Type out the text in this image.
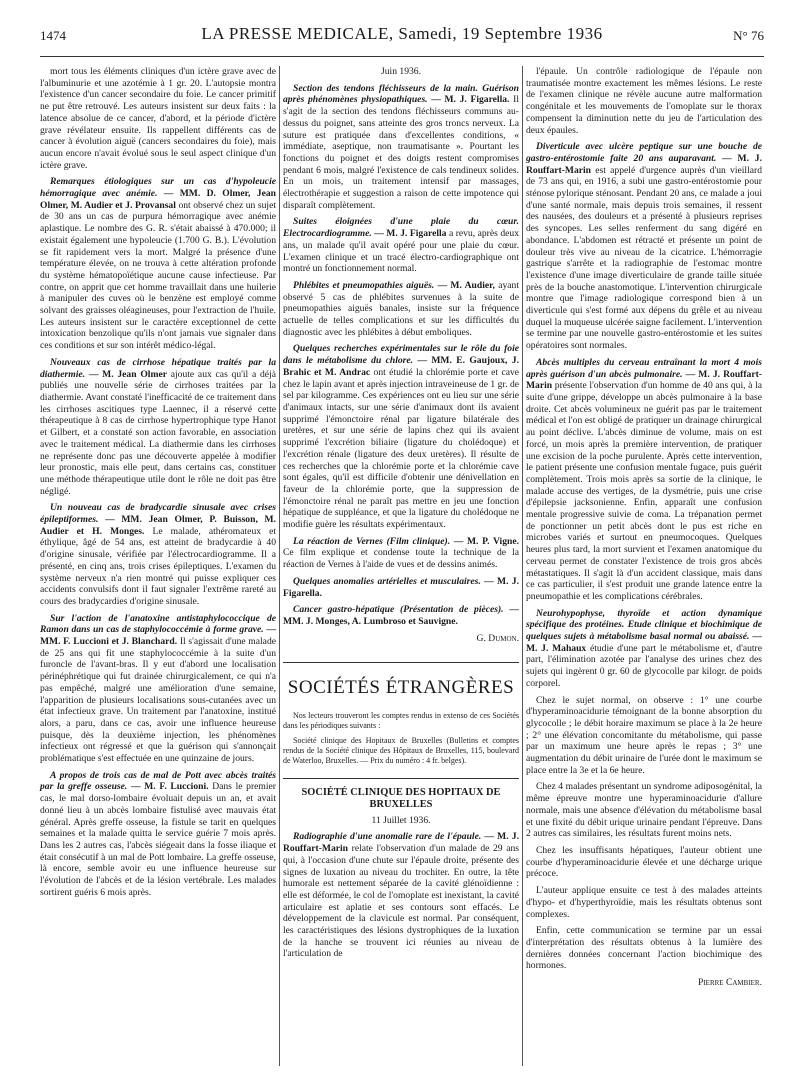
1474	LA PRESSE MEDICALE, Samedi, 19 Septembre 1936	N° 76

mort tous les éléments cliniques d'un ictère grave avec de l'albuminurie et une azotémie à 1 gr. 20. L'autopsie montra l'existence d'un cancer secondaire du foie. Le cancer primitif ne put être retrouvé. Les auteurs insistent sur deux faits : la latence absolue de ce cancer, d'abord, et la période d'ictère grave révélateur ensuite. Ils rappellent différents cas de cancer à évolution aiguë (cancers secondaires du foie), mais aucun encore n'avait évolué sous le seul aspect clinique d'un ictère grave.

Remarques étiologiques sur un cas d'hypoleucie hémorragique avec anémie. — MM. D. Olmer, Jean Olmer, M. Audier et J. Provansal ont observé chez un sujet de 30 ans un cas de purpura hémorragique avec anémie aplastique. Le nombre des G. R. s'était abaissé à 470.000; il existait également une hypoleucie (1.700 G. B.). L'évolution se fit rapidement vers la mort. Malgré la présence d'une température élevée, on ne trouva à cette altération profonde du système hématopoïétique aucune cause infectieuse. Par contre, on apprit que cet homme travaillait dans une huilerie à manipuler des cuves où le benzène est employé comme solvant des graisses oléagineuses, pour l'extraction de l'huile. Les auteurs insistent sur le caractère exceptionnel de cette intoxication benzolique qu'ils n'ont jamais vue signaler dans ces conditions et sur son intérêt médico-légal.

Nouveaux cas de cirrhose hépatique traités par la diathermie. — M. Jean Olmer ajoute aux cas qu'il a déjà publiés une nouvelle série de cirrhoses traitées par la diathermie. Avant constaté l'inefficacité de ce traitement dans les cirrhoses ascitiques type Laennec, il a réservé cette thérapeutique à 8 cas de cirrhose hypertrophique type Hanot et Gilbert, et a constaté son action favorable, en association avec le traitement médical. La diathermie dans les cirrhoses ne représente donc pas une découverte appelée à modifier leur pronostic, mais elle peut, dans certains cas, constituer une méthode thérapeutique utile dont le rôle ne doit pas être négligé.

Un nouveau cas de bradycardie sinusale avec crises épileptiformes. — MM. Jean Olmer, P. Buisson, M. Audier et H. Monges. Le malade, athéromateux et éthylique, âgé de 54 ans, est atteint de bradycardie à 40 d'origine sinusale, vérifiée par l'électrocardiogramme. Il a présenté, en cinq ans, trois crises épileptiques. L'examen du système nerveux n'a rien montré qui puisse expliquer ces accidents convulsifs dont il faut signaler l'extrême rareté au cours des bradycardies d'origine sinusale.

Sur l'action de l'anatoxine antistaphylococcique de Ramon dans un cas de staphylococcémie à forme grave. — MM. F. Luccioni et J. Blanchard. Il s'agissait d'une malade de 25 ans qui fit une staphylococcémie à la suite d'un furoncle de l'avant-bras. Il y eut d'abord une localisation périnéphrétique qui fut drainée chirurgicalement, ce qui n'a pas empêché, malgré une amélioration d'une semaine, l'apparition de plusieurs localisations sous-cutanées avec un état infectieux grave. Un traitement par l'anatoxine, institué alors, a paru, dans ce cas, avoir une influence heureuse puisque, dès la deuxième injection, les phénomènes infectieux ont régressé et que la guérison qui s'annonçait problématique s'est effectuée en une quinzaine de jours.

A propos de trois cas de mal de Pott avec abcès traités par la greffe osseuse. — M. F. Luccioni. Dans le premier cas, le mal dorso-lombaire évoluait depuis un an, et avait donné lieu à un abcès lombaire fistulisé avec mauvais état général. Après greffe osseuse, la fistule se tarit en quelques semaines et la malade quitta le service guérie 7 mois après. Dans les 2 autres cas, l'abcès siégeait dans la fosse iliaque et était consécutif à un mal de Pott lombaire. La greffe osseuse, là encore, semble avoir eu une influence heureuse sur l'évolution de l'abcès et de la lésion vertébrale. Les malades sortirent guéris 6 mois après.

Juin 1936.

Section des tendons fléchisseurs de la main. Guérison après phénomènes physiopathiques. — M. J. Figarella. Il s'agit de la section des tendons fléchisseurs communs au-dessus du poignet, sans atteinte des gros troncs nerveux. La suture est pratiquée dans d'excellentes conditions, « immédiate, aseptique, non traumatisante ». Pourtant les fonctions du poignet et des doigts restent compromises pendant 6 mois, malgré l'existence de cals tendineux solides. En un mois, un traitement intensif par massages, électrothérapie et suggestion a raison de cette impotence qui disparaît complètement.

Suites éloignées d'une plaie du cœur. Electrocardiogramme. — M. J. Figarella a revu, après deux ans, un malade qu'il avait opéré pour une plaie du cœur. L'examen clinique et un tracé électro-cardiographique ont montré un fonctionnement normal.

Phlébites et pneumopathies aiguës. — M. Audier, ayant observé 5 cas de phlébites survenues à la suite de pneumopathies aiguës banales, insiste sur la fréquence actuelle de telles complications et sur les difficultés du diagnostic avec les phlébites à début emboliques.

Quelques recherches expérimentales sur le rôle du foie dans le métabolisme du chlore. — MM. E. Gaujoux, J. Brahic et M. Andrac ont étudié la chlorémie porte et cave chez le lapin avant et après injection intraveineuse de 1 gr. de sel par kilogramme. Ces expériences ont eu lieu sur une série d'animaux intacts, sur une série d'animaux dont ils avaient supprimé l'émonctoire rénal par ligature bilatérale des uretères, et sur une série de lapins chez qui ils avaient supprimé l'excrétion biliaire (ligature du cholédoque) et l'excrétion rénale (ligature des deux uretères). Il résulte de ces recherches que la chlorémie porte et la chlorémie cave sont égales, qu'il est difficile d'obtenir une dénivellation en faveur de la chlorémie porte, que la suppression de l'émonctoire rénal ne paraît pas mettre en jeu une fonction hépatique de suppléance, et que la ligature du cholédoque ne modifie guère les résultats expérimentaux.

La réaction de Vernes (Film clinique). — M. P. Vigne. Ce film explique et condense toute la technique de la réaction de Vernes à l'aide de vues et de dessins animés.

Quelques anomalies artérielles et musculaires. — M. J. Figarella.

Cancer gastro-hépatique (Présentation de pièces). — MM. J. Monges, A. Lumbroso et Sauvigne.

G. Dumon.

SOCIÉTÉS ÉTRANGÈRES

Nos lecteurs trouveront les comptes rendus in extenso de ces Sociétés dans les périodiques suivants :

Société clinique des Hopitaux de Bruxelles (Bulletins et comptes rendus de la Société clinique des Hôpitaux de Bruxelles, 115, boulevard de Waterloo, Bruxelles. — Prix du numéro : 4 fr. belges).

SOCIÉTÉ CLINIQUE DES HOPITAUX DE BRUXELLES

11 Juillet 1936.

Radiographie d'une anomalie rare de l'épaule. — M. J. Rouffart-Marin relate l'observation d'un malade de 29 ans qui, à l'occasion d'une chute sur l'épaule droite, présente des signes de luxation au niveau du trochiter. En outre, la tête humorale est nettement séparée de la cavité glénoïdienne : elle est déformée, le col de l'omoplate est inexistant, la cavité articulaire est aplatie et ses contours sont effacés. Le développement de la clavicule est normal. Par conséquent, les caractéristiques des lésions dystrophiques de la luxation de la hanche se trouvent ici réunies au niveau de l'articulation de

l'épaule. Un contrôle radiologique de l'épaule non traumatisée montre exactement les mêmes lésions. Le reste de l'examen clinique ne révèle aucune autre malformation congénitale et les mouvements de l'omoplate sur le thorax compensent la diminution nette du jeu de l'articulation des deux épaules.

Diverticule avec ulcère peptique sur une bouche de gastro-entérostomie faite 20 ans auparavant. — M. J. Rouffart-Marin est appelé d'urgence auprès d'un vieillard de 73 ans qui, en 1916, a subi une gastro-entérostomie pour sténose pylorique sténosant. Pendant 20 ans, ce malade a joui d'une santé normale, mais depuis trois semaines, il ressent des nausées, des douleurs et a présenté à plusieurs reprises des syncopes. Les selles renferment du sang digéré en abondance. L'abdomen est rétracté et présente un point de douleur très vive au niveau de la cicatrice. L'hémorragie gastrique s'arrête et la radiographie de l'estomac montre l'existence d'une image diverticulaire de grande taille située près de la bouche anastomotique. L'intervention chirurgicale montre que l'image radiologique correspond bien à un diverticule qui s'est formé aux dépens du grêle et au niveau duquel la muqueuse ulcérée saigne facilement. L'intervention se termine par une nouvelle gastro-entérostomie et les suites opératoires sont normales.

Abcès multiples du cerveau entraînant la mort 4 mois après guérison d'un abcès pulmonaire. — M. J. Rouffart-Marin présente l'observation d'un homme de 40 ans qui, à la suite d'une grippe, développe un abcès pulmonaire à la base droite. Cet abcès volumineux ne guérit pas par le traitement médical et l'on est obligé de pratiquer un drainage chirurgical au point déclive. L'abcès diminue de volume, mais on est forcé, un mois après la première intervention, de pratiquer une excision de la poche purulente. Après cette intervention, le patient présente une confusion mentale fugace, puis guérit complètement. Trois mois après sa sortie de la clinique, le malade accuse des vertiges, de la dysmétrie, puis une crise d'épilepsie jacksonienne. Enfin, apparaît une confusion mentale progressive suivie de coma. La trépanation permet de ponctionner un petit abcès dont le pus est riche en microbes variés et surtout en pneumocoques. Quelques heures plus tard, la mort survient et l'examen anatomique du cerveau permet de constater l'existence de trois gros abcès métastatiques. Il s'agit là d'un accident classique, mais dans ce cas particulier, il s'est produit une grande latence entre la pneumopathie et les complications cérébrales.

Neurohypophyse, thyroïde et action dynamique spécifique des protéines. Etude clinique et biochimique de quelques sujets à métabolisme basal normal ou abaissé. — M. J. Mahaux étudie d'une part le métabolisme et, d'autre part, l'élimination azotée par l'analyse des urines chez des sujets qui ingèrent 0 gr. 60 de glycocolle par kilogr. de poids corporel.

Chez le sujet normal, on observe : 1° une courbe d'hyperaminoacidurie témoignant de la bonne absorption du glycocolle ; le débit horaire maximum se place à la 2e heure ; 2° une élévation concomitante du métabolisme, qui passe par un maximum une heure après le repas ; 3° une augmentation du débit urinaire de l'urée dont le maximum se place entre la 3e et la 6e heure.

Chez 4 malades présentant un syndrome adiposogénital, la même épreuve montre une hyperaminoacidurie d'allure normale, mais une absence d'élévation du métabolisme basal et une fixité du débit urique urinaire pendant l'épreuve. Dans 2 autres cas similaires, les résultats furent moins nets.

Chez les insuffisants hépatiques, l'auteur obtient une courbe d'hyperaminoacidurie élevée et une décharge urique précoce.

L'auteur applique ensuite ce test à des malades atteints d'hypo- et d'hyperthyroïdie, mais les résultats obtenus sont complexes.

Enfin, cette communication se termine par un essai d'interprétation des résultats obtenus à la lumière des dernières données concernant l'action biochimique des hormones.

Pierre Cambier.
